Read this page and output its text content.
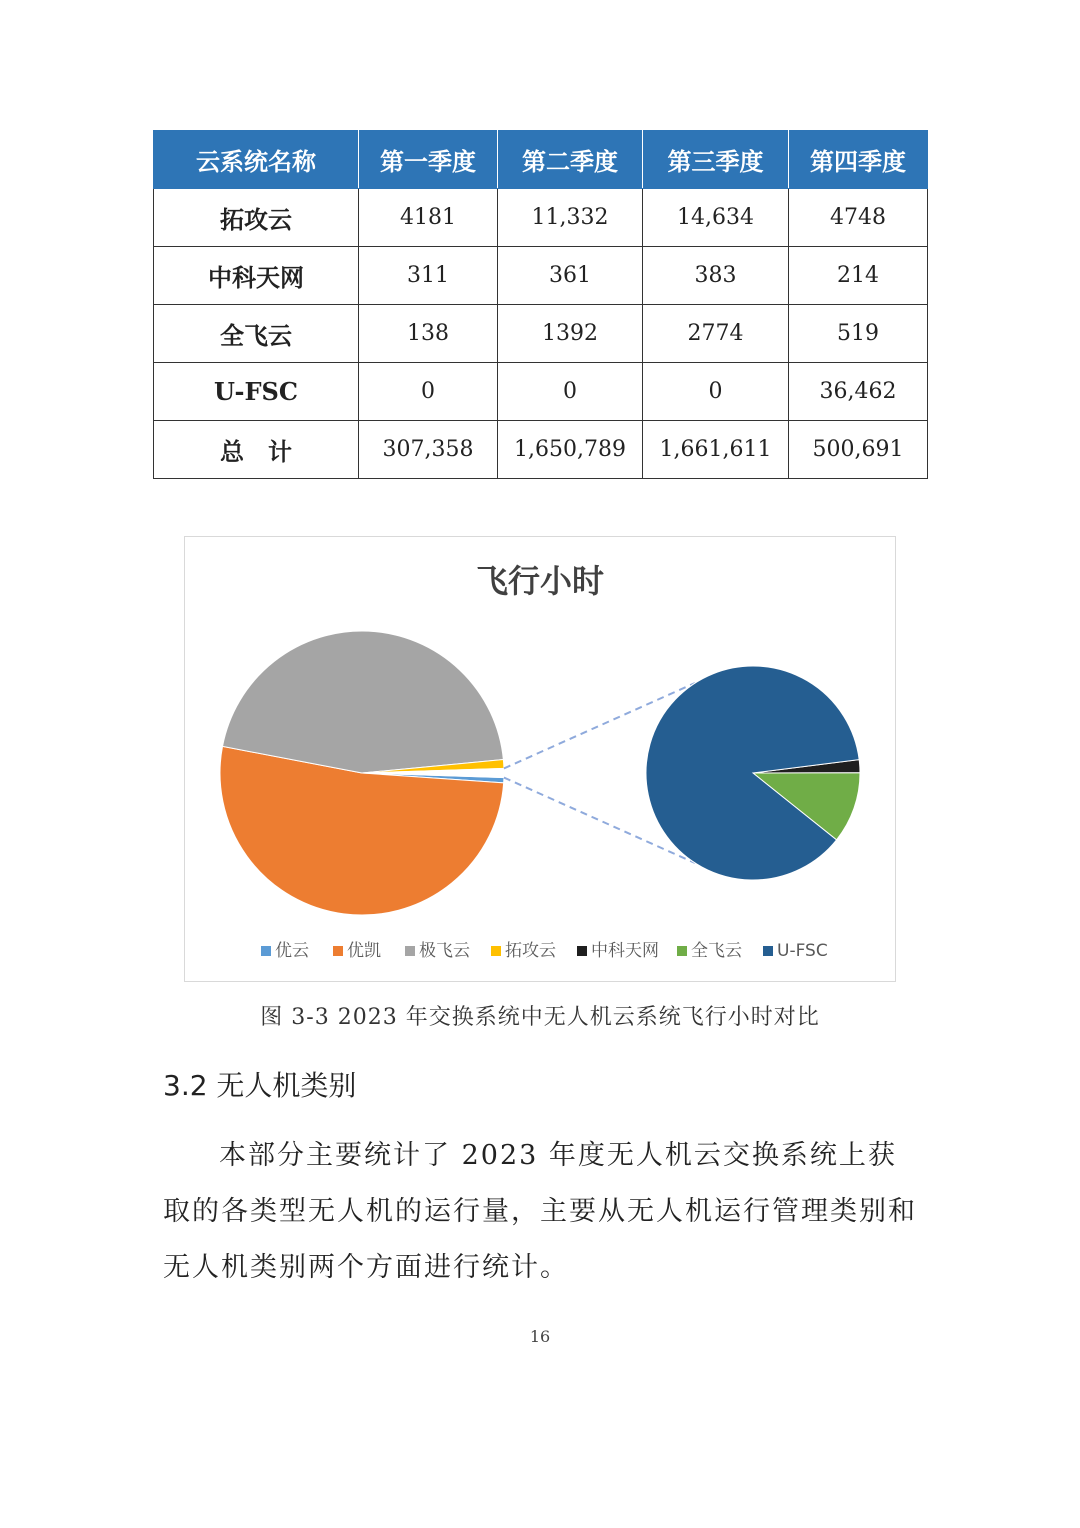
云系统名称	第一季度	第二季度	第三季度	第四季度
拓攻云	4181	11,332	14,634	4748
中科天网	311	361	383	214
全飞云	138	1392	2774	519
U-FSC	0	0	0	36,462
总　计	307,358	1,650,789	1,661,611	500,691
飞行小时
优云 优凯 极飞云 拓攻云 中科天网 全飞云 U-FSC
图 3-3 2023 年交换系统中无人机云系统飞行小时对比
3.2 无人机类别

本部分主要统计了 2023 年度无人机云交换系统上获取的各类型无人机的运行量，主要从无人机运行管理类别和无人机类别两个方面进行统计。

16
